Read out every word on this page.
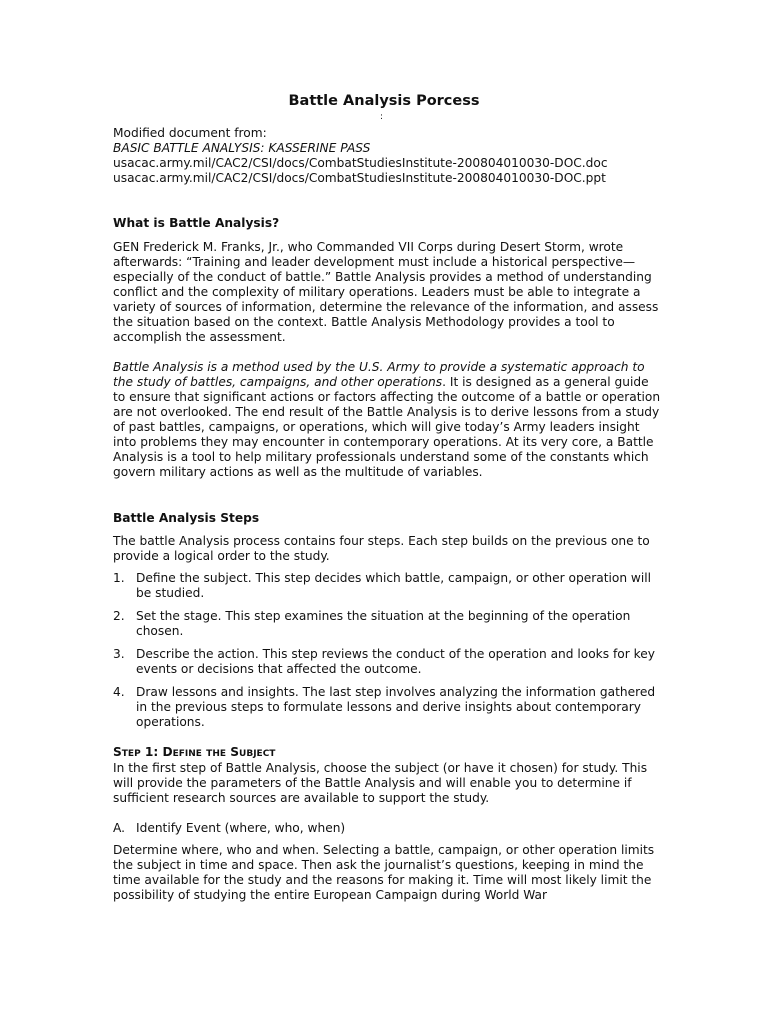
Battle Analysis Porcess
:
Modified document from:
BASIC BATTLE ANALYSIS: KASSERINE PASS
usacac.army.mil/CAC2/CSI/docs/CombatStudiesInstitute-200804010030-DOC.doc
usacac.army.mil/CAC2/CSI/docs/CombatStudiesInstitute-200804010030-DOC.ppt
What is Battle Analysis?

GEN Frederick M. Franks, Jr., who Commanded VII Corps during Desert Storm, wrote afterwards: “Training and leader development must include a historical perspective—especially of the conduct of battle.” Battle Analysis provides a method of understanding conflict and the complexity of military operations. Leaders must be able to integrate a variety of sources of information, determine the relevance of the information, and assess the situation based on the context. Battle Analysis Methodology provides a tool to accomplish the assessment.

Battle Analysis is a method used by the U.S. Army to provide a systematic approach to the study of battles, campaigns, and other operations. It is designed as a general guide to ensure that significant actions or factors affecting the outcome of a battle or operation are not overlooked. The end result of the Battle Analysis is to derive lessons from a study of past battles, campaigns, or operations, which will give today’s Army leaders insight into problems they may encounter in contemporary operations. At its very core, a Battle Analysis is a tool to help military professionals understand some of the constants which govern military actions as well as the multitude of variables.

Battle Analysis Steps

The battle Analysis process contains four steps. Each step builds on the previous one to provide a logical order to the study.

1. Define the subject. This step decides which battle, campaign, or other operation will be studied.
2. Set the stage. This step examines the situation at the beginning of the operation chosen.
3. Describe the action. This step reviews the conduct of the operation and looks for key events or decisions that affected the outcome.
4. Draw lessons and insights. The last step involves analyzing the information gathered in the previous steps to formulate lessons and derive insights about contemporary operations.
Step 1: Define the Subject

In the first step of Battle Analysis, choose the subject (or have it chosen) for study. This will provide the parameters of the Battle Analysis and will enable you to determine if sufficient research sources are available to support the study.

A. Identify Event (where, who, when)

Determine where, who and when. Selecting a battle, campaign, or other operation limits the subject in time and space. Then ask the journalist’s questions, keeping in mind the time available for the study and the reasons for making it. Time will most likely limit the possibility of studying the entire European Campaign during World War
